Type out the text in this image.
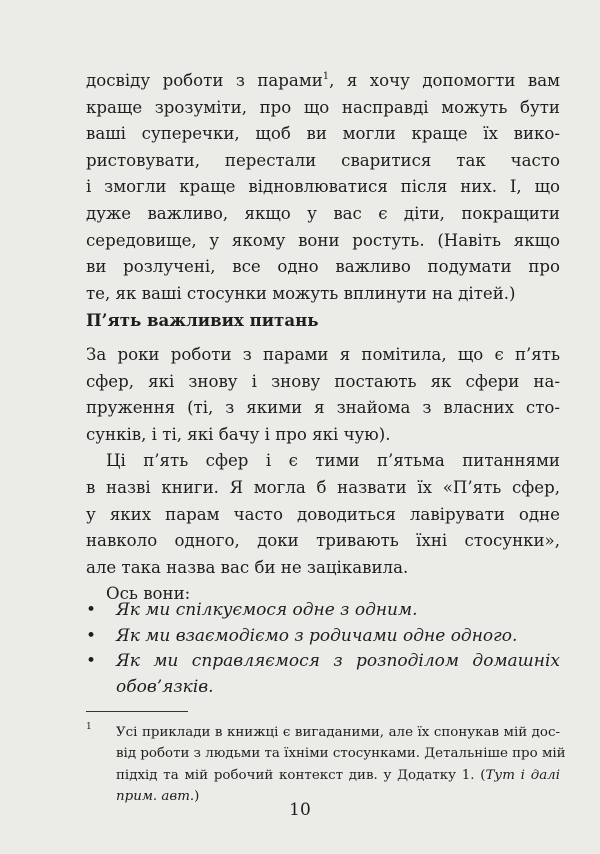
досвіду роботи з парами$^1$, я хочу допомогти вам
краще зрозуміти, про що насправді можуть бути
ваші суперечки, щоб ви могли краще їх вико-
ристовувати, перестали сваритися так часто
і змогли краще відновлюватися після них. І, що
дуже важливо, якщо у вас є діти, покращити
середовище, у якому вони ростуть. (Навіть якщо
ви розлучені, все одно важливо подумати про
те, як ваші стосунки можуть вплинути на дітей.)
П’ять важливих питань
За роки роботи з парами я помітила, що є п’ять
сфер, які знову і знову постають як сфери на-
пруження (ті, з якими я знайома з власних сто-
сунків, і ті, які бачу і про які чую).
Ці п’ять сфер і є тими п’ятьма питаннями
в назві книги. Я могла б назвати їх «П’ять сфер,
у яких парам часто доводиться лавірувати одне
навколо одного, доки тривають їхні стосунки»,
але така назва вас би не зацікавила.
Ось вони:
• Як ми спілкуємося одне з одним.
• Як ми взаємодіємо з родичами одне одного.
• Як ми справляємося з розподілом домашніх
обов’язків.
1 Усі приклади в книжці є вигаданими, але їх спонукав мій дос-
від роботи з людьми та їхніми стосунками. Детальніше про мій
підхід та мій робочий контекст див. у Додатку 1. (Тут і далі
прим. авт.)
10
